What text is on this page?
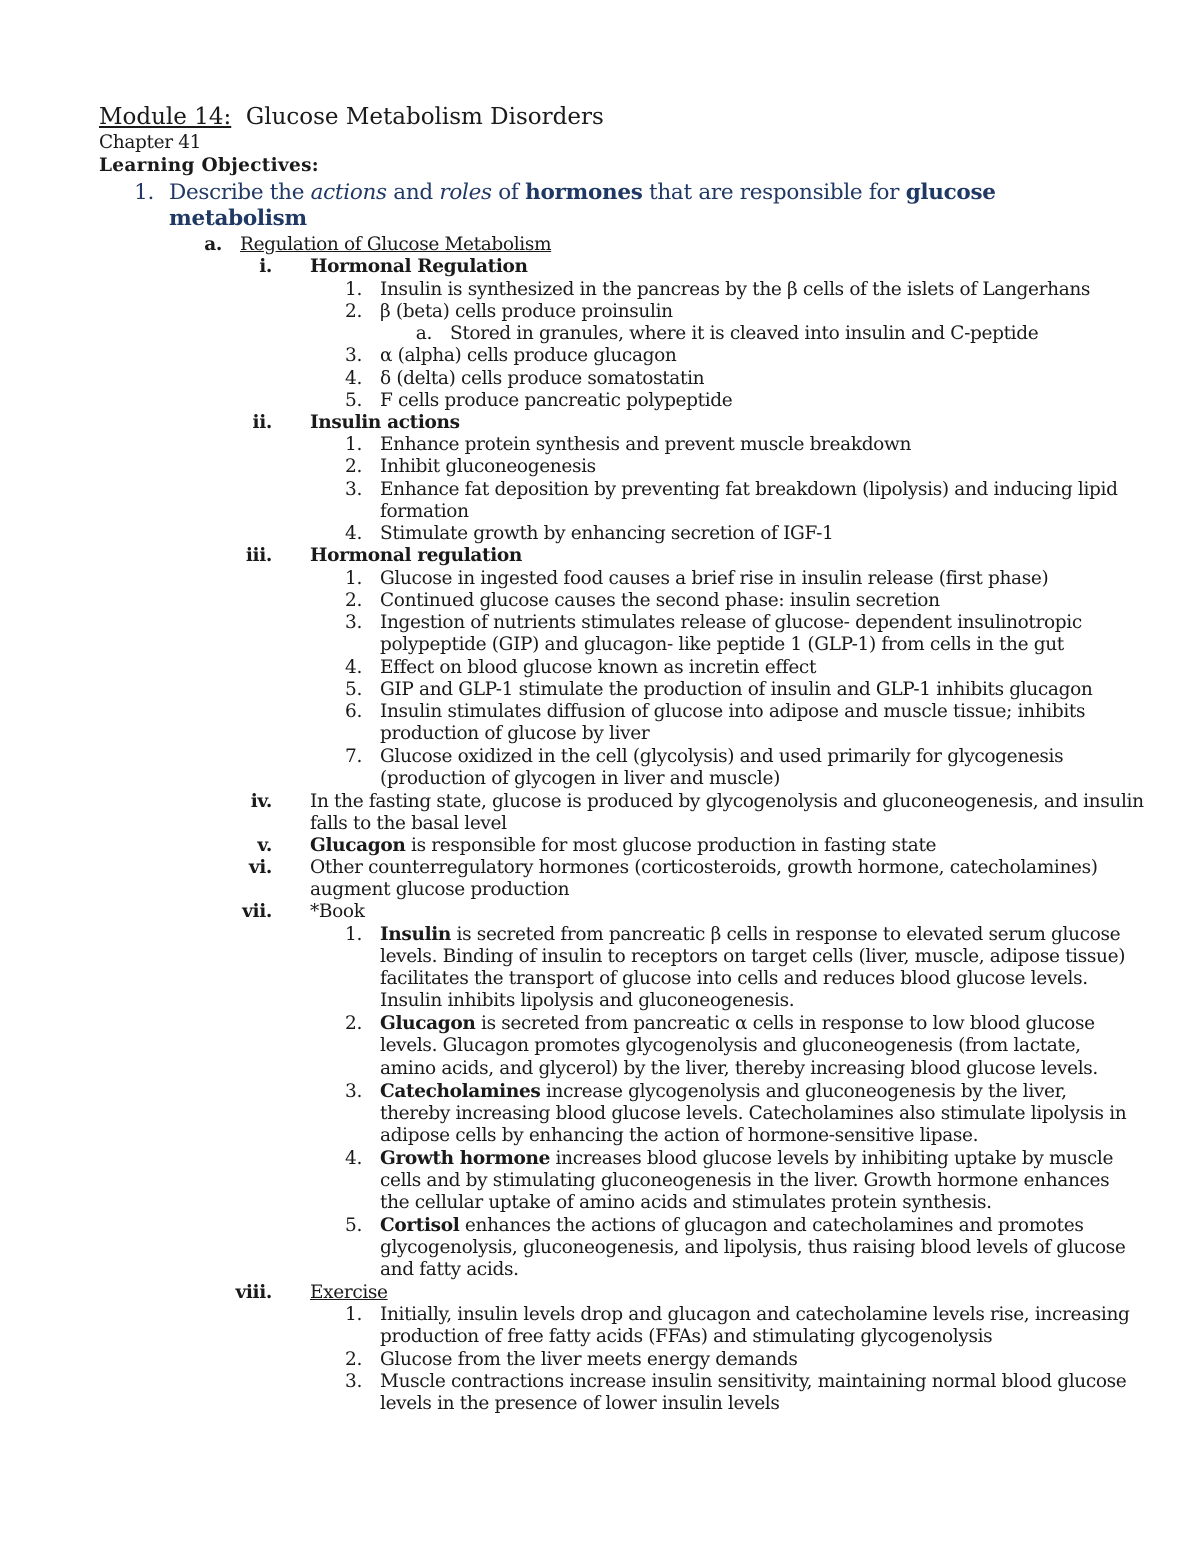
Module 14: Glucose Metabolism Disorders
Chapter 41
Learning Objectives:
1. Describe the actions and roles of hormones that are responsible for glucose
metabolism
a. Regulation of Glucose Metabolism
i. Hormonal Regulation
1. Insulin is synthesized in the pancreas by the β cells of the islets of Langerhans
2. β (beta) cells produce proinsulin
a. Stored in granules, where it is cleaved into insulin and C-peptide
3. α (alpha) cells produce glucagon
4. δ (delta) cells produce somatostatin
5. F cells produce pancreatic polypeptide
ii. Insulin actions
1. Enhance protein synthesis and prevent muscle breakdown
2. Inhibit gluconeogenesis
3. Enhance fat deposition by preventing fat breakdown (lipolysis) and inducing lipid
formation
4. Stimulate growth by enhancing secretion of IGF-1
iii. Hormonal regulation
1. Glucose in ingested food causes a brief rise in insulin release (first phase)
2. Continued glucose causes the second phase: insulin secretion
3. Ingestion of nutrients stimulates release of glucose- dependent insulinotropic
polypeptide (GIP) and glucagon- like peptide 1 (GLP-1) from cells in the gut
4. Effect on blood glucose known as incretin effect
5. GIP and GLP-1 stimulate the production of insulin and GLP-1 inhibits glucagon
6. Insulin stimulates diffusion of glucose into adipose and muscle tissue; inhibits
production of glucose by liver
7. Glucose oxidized in the cell (glycolysis) and used primarily for glycogenesis
(production of glycogen in liver and muscle)
iv. In the fasting state, glucose is produced by glycogenolysis and gluconeogenesis, and insulin
falls to the basal level
v. Glucagon is responsible for most glucose production in fasting state
vi. Other counterregulatory hormones (corticosteroids, growth hormone, catecholamines)
augment glucose production
vii. *Book
1. Insulin is secreted from pancreatic β cells in response to elevated serum glucose
levels. Binding of insulin to receptors on target cells (liver, muscle, adipose tissue)
facilitates the transport of glucose into cells and reduces blood glucose levels.
Insulin inhibits lipolysis and gluconeogenesis.
2. Glucagon is secreted from pancreatic α cells in response to low blood glucose
levels. Glucagon promotes glycogenolysis and gluconeogenesis (from lactate,
amino acids, and glycerol) by the liver, thereby increasing blood glucose levels.
3. Catecholamines increase glycogenolysis and gluconeogenesis by the liver,
thereby increasing blood glucose levels. Catecholamines also stimulate lipolysis in
adipose cells by enhancing the action of hormone-sensitive lipase.
4. Growth hormone increases blood glucose levels by inhibiting uptake by muscle
cells and by stimulating gluconeogenesis in the liver. Growth hormone enhances
the cellular uptake of amino acids and stimulates protein synthesis.
5. Cortisol enhances the actions of glucagon and catecholamines and promotes
glycogenolysis, gluconeogenesis, and lipolysis, thus raising blood levels of glucose
and fatty acids.
viii. Exercise
1. Initially, insulin levels drop and glucagon and catecholamine levels rise, increasing
production of free fatty acids (FFAs) and stimulating glycogenolysis
2. Glucose from the liver meets energy demands
3. Muscle contractions increase insulin sensitivity, maintaining normal blood glucose
levels in the presence of lower insulin levels
